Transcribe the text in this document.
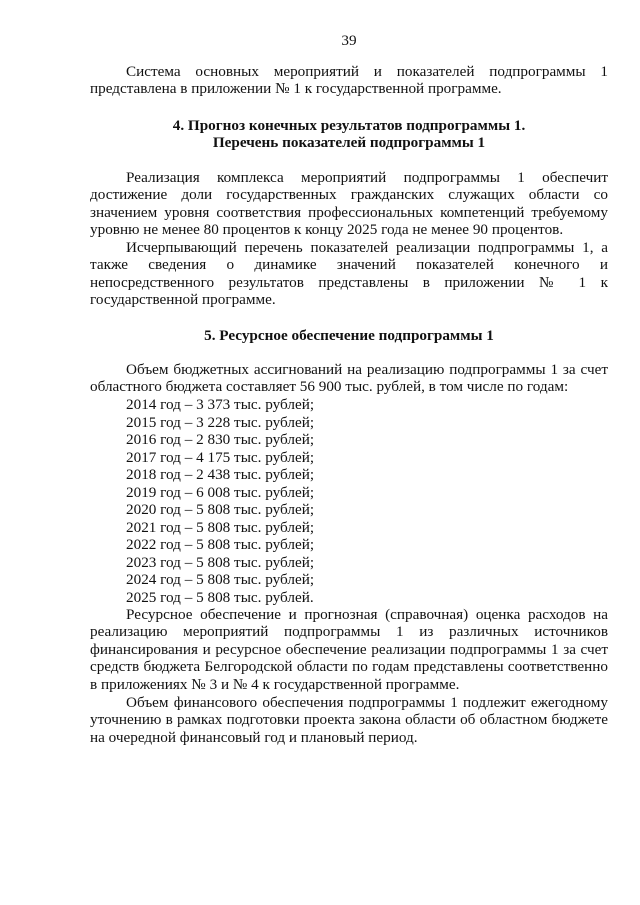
39
Система основных мероприятий и показателей подпрограммы 1
представлена в приложении № 1 к государственной программе.
4. Прогноз конечных результатов подпрограммы 1.
Перечень показателей подпрограммы 1
Реализация комплекса мероприятий подпрограммы 1 обеспечит
достижение доли государственных гражданских служащих области со
значением уровня соответствия профессиональных компетенций требуемому
уровню не менее 80 процентов к концу 2025 года не менее 90 процентов.
Исчерпывающий перечень показателей реализации подпрограммы 1, а
также сведения о динамике значений показателей конечного и
непосредственного результатов представлены в приложении № 1 к
государственной программе.
5. Ресурсное обеспечение подпрограммы 1
Объем бюджетных ассигнований на реализацию подпрограммы 1 за счет
областного бюджета составляет 56 900 тыс. рублей, в том числе по годам:
2014 год – 3 373 тыс. рублей;
2015 год – 3 228 тыс. рублей;
2016 год – 2 830 тыс. рублей;
2017 год – 4 175 тыс. рублей;
2018 год – 2 438 тыс. рублей;
2019 год – 6 008 тыс. рублей;
2020 год – 5 808 тыс. рублей;
2021 год – 5 808 тыс. рублей;
2022 год – 5 808 тыс. рублей;
2023 год – 5 808 тыс. рублей;
2024 год – 5 808 тыс. рублей;
2025 год – 5 808 тыс. рублей.
Ресурсное обеспечение и прогнозная (справочная) оценка расходов на
реализацию мероприятий подпрограммы 1 из различных источников
финансирования и ресурсное обеспечение реализации подпрограммы 1 за счет
средств бюджета Белгородской области по годам представлены соответственно
в приложениях № 3 и № 4 к государственной программе.
Объем финансового обеспечения подпрограммы 1 подлежит ежегодному
уточнению в рамках подготовки проекта закона области об областном бюджете
на очередной финансовый год и плановый период.
